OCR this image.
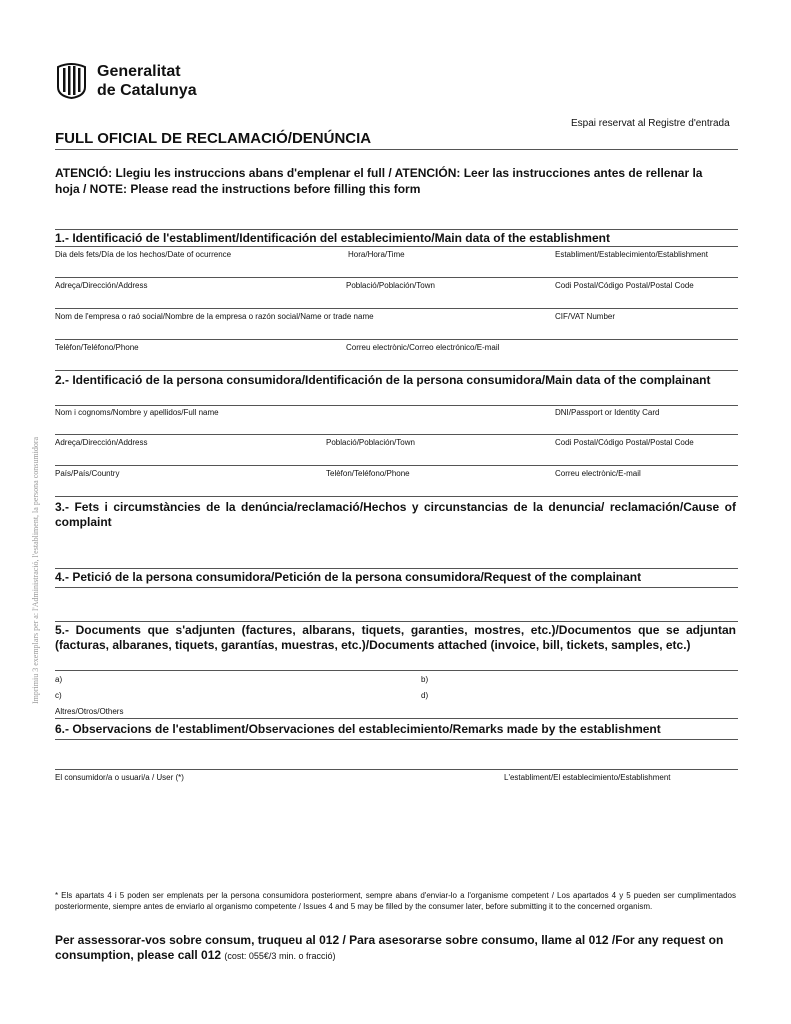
Generalitat
de Catalunya
Espai reservat al Registre d'entrada
FULL OFICIAL DE RECLAMACIÓ/DENÚNCIA
ATENCIÓ: Llegiu les instruccions abans d'emplenar el full / ATENCIÓN: Leer las instrucciones antes de rellenar la hoja / NOTE: Please read the instructions before filling this form
1.- Identificació de l'establiment/Identificación del establecimiento/Main data of the establishment
Dia dels fets/Día de los hechos/Date of ocurrence	Hora/Hora/Time	Establiment/Establecimiento/Establishment
Adreça/Dirección/Address	Població/Población/Town	Codi Postal/Código Postal/Postal Code
Nom de l'empresa o raó social/Nombre de la empresa o razón social/Name or trade name	CIF/VAT Number
Telèfon/Teléfono/Phone	Correu electrònic/Correo electrónico/E-mail
2.- Identificació de la persona consumidora/Identificación de la persona consumidora/Main data of the complainant
Nom i cognoms/Nombre y apellidos/Full name	DNI/Passport or Identity Card
Adreça/Dirección/Address	Població/Población/Town	Codi Postal/Código Postal/Postal Code
País/País/Country	Telèfon/Teléfono/Phone	Correu electrònic/E-mail
3.- Fets i circumstàncies de la denúncia/reclamació/Hechos y circunstancias de la denuncia/ reclamación/Cause of complaint
4.- Petició de la persona consumidora/Petición de la persona consumidora/Request of the complainant
5.- Documents que s'adjunten (factures, albarans, tiquets, garanties, mostres, etc.)/Documentos que se adjuntan (facturas, albaranes, tiquets, garantías, muestras, etc.)/Documents attached (invoice, bill, tickets, samples, etc.)
a)	b)
c)	d)
Altres/Otros/Others
6.- Observacions de l'establiment/Observaciones del establecimiento/Remarks made by the establishment
El consumidor/a o usuari/a / User (*)	L'establiment/El establecimiento/Establishment
Imprimiu 3 exemplars per a: l'Administració, l'establiment, la persona consumidora
* Els apartats 4 i 5 poden ser emplenats per la persona consumidora posteriorment, sempre abans d'enviar-lo a l'organisme competent / Los apartados 4 y 5 pueden ser cumplimentados posteriormente, siempre antes de enviarlo al organismo competente / Issues 4 and 5 may be filled by the consumer later, before submitting it to the concerned organism.
Per assessorar-vos sobre consum, truqueu al 012 / Para asesorarse sobre consumo, llame al 012 /For any request on consumption, please call 012 (cost: 055€/3 min. o fracció)
